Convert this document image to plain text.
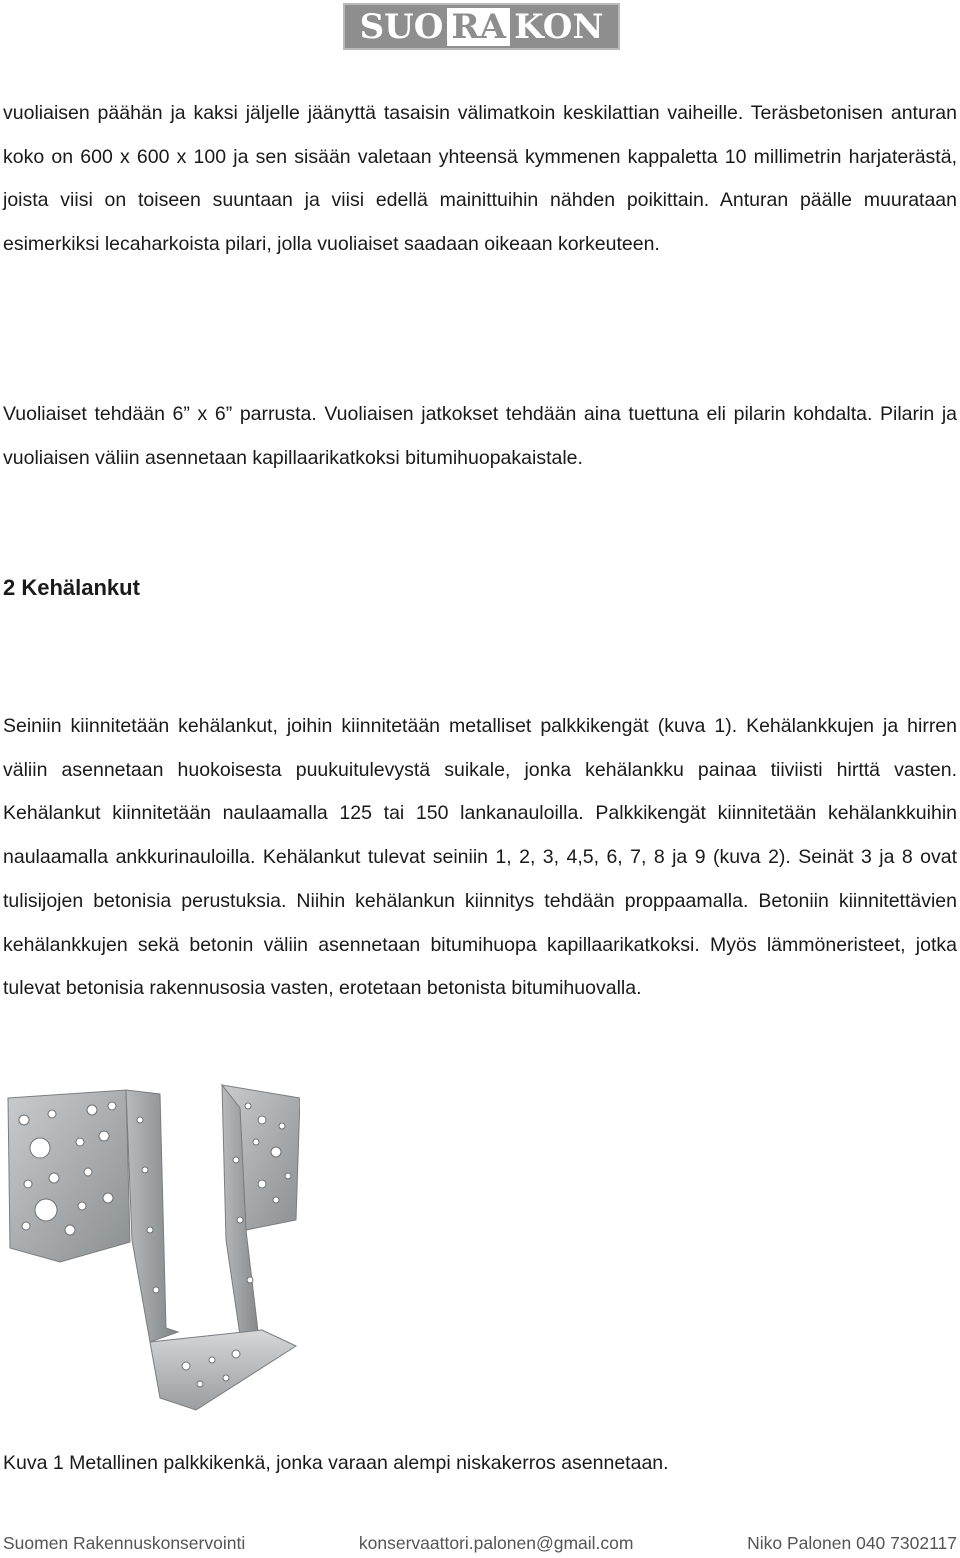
SUO RA KON

vuoliaisen päähän ja kaksi jäljelle jäänyttä tasaisin välimatkoin keskilattian vaiheille. Teräsbetonisen anturan koko on 600 x 600 x 100 ja sen sisään valetaan yhteensä kymmenen kappaletta 10 millimetrin harjaterästä, joista viisi on toiseen suuntaan ja viisi edellä mainittuihin nähden poikittain. Anturan päälle muurataan esimerkiksi lecaharkoista pilari, jolla vuoliaiset saadaan oikeaan korkeuteen.

Vuoliaiset tehdään 6” x 6” parrusta. Vuoliaisen jatkokset tehdään aina tuettuna eli pilarin kohdalta. Pilarin ja vuoliaisen väliin asennetaan kapillaarikatkoksi bitumihuopakaistale.

2 Kehälankut

Seiniin kiinnitetään kehälankut, joihin kiinnitetään metalliset palkkikengät (kuva 1). Kehälankkujen ja hirren väliin asennetaan huokoisesta puukuitulevystä suikale, jonka kehälankku painaa tiiviisti hirttä vasten. Kehälankut kiinnitetään naulaamalla 125 tai 150 lankanauloilla. Palkkikengät kiinnitetään kehälankkuihin naulaamalla ankkurinauloilla. Kehälankut tulevat seiniin 1, 2, 3, 4,5, 6, 7, 8 ja 9 (kuva 2). Seinät 3 ja 8 ovat tulisijojen betonisia perustuksia. Niihin kehälankun kiinnitys tehdään proppaamalla. Betoniin kiinnitettävien kehälankkujen sekä betonin väliin asennetaan bitumihuopa kapillaarikatkoksi. Myös lämmöneristeet, jotka tulevat betonisia rakennusosia vasten, erotetaan betonista bitumihuovalla.

Kuva 1 Metallinen palkkikenkä, jonka varaan alempi niskakerros asennetaan.

Suomen Rakennuskonservointi	konservaattori.palonen@gmail.com	Niko Palonen 040 7302117
